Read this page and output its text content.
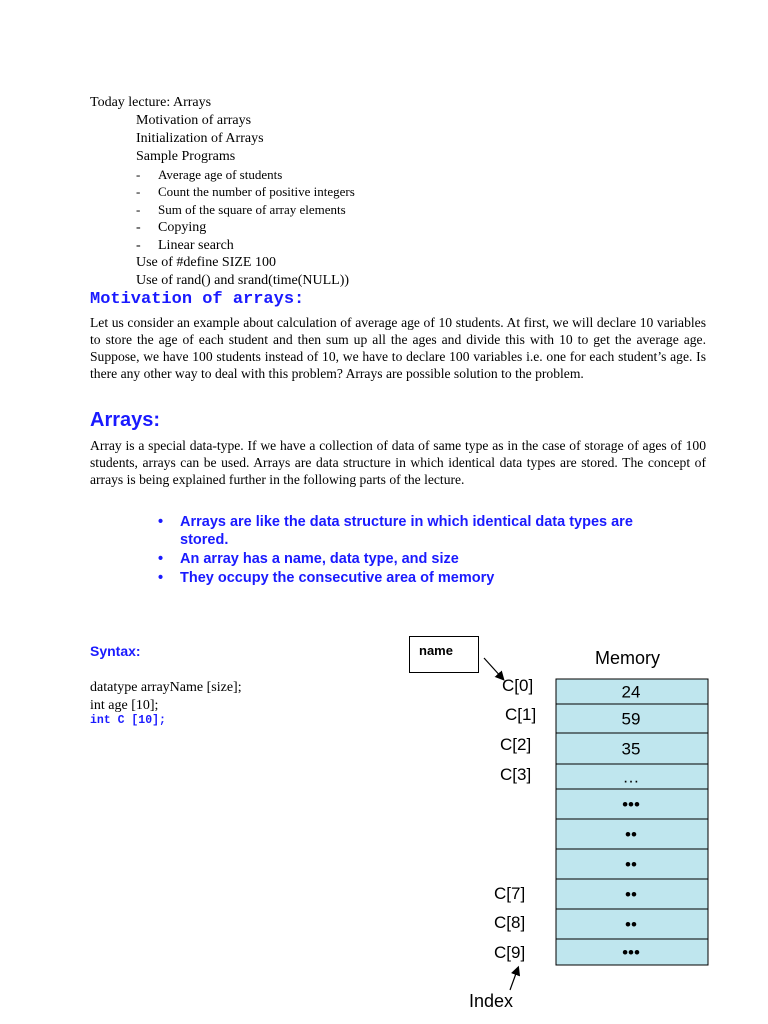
Today lecture: Arrays
Motivation of arrays
Initialization of Arrays
Sample Programs
- Average age of students
- Count the number of positive integers
- Sum of the square of array elements
- Copying
- Linear search
Use of #define SIZE 100
Use of rand() and srand(time(NULL))
Motivation of arrays:
Let us consider an example about calculation of average age of 10 students. At first, we will declare 10 variables to store the age of each student and then sum up all the ages and divide this with 10 to get the average age. Suppose, we have 100 students instead of 10, we have to declare 100 variables i.e. one for each student’s age. Is there any other way to deal with this problem? Arrays are possible solution to the problem.
Arrays:
Array is a special data-type. If we have a collection of data of same type as in the case of storage of ages of 100 students, arrays can be used. Arrays are data structure in which identical data types are stored. The concept of arrays is being explained further in the following parts of the lecture.
• Arrays are like the data structure in which identical data types are stored.
• An array has a name, data type, and size
• They occupy the consecutive area of memory
Syntax:
datatype arrayName [size];
int age [10];
int C [10];
name	Memory
24
59
35
…
•••
••
••
••
••
•••
C[0]
C[1]
C[2]
C[3]
C[7]
C[8]
C[9]
Index
